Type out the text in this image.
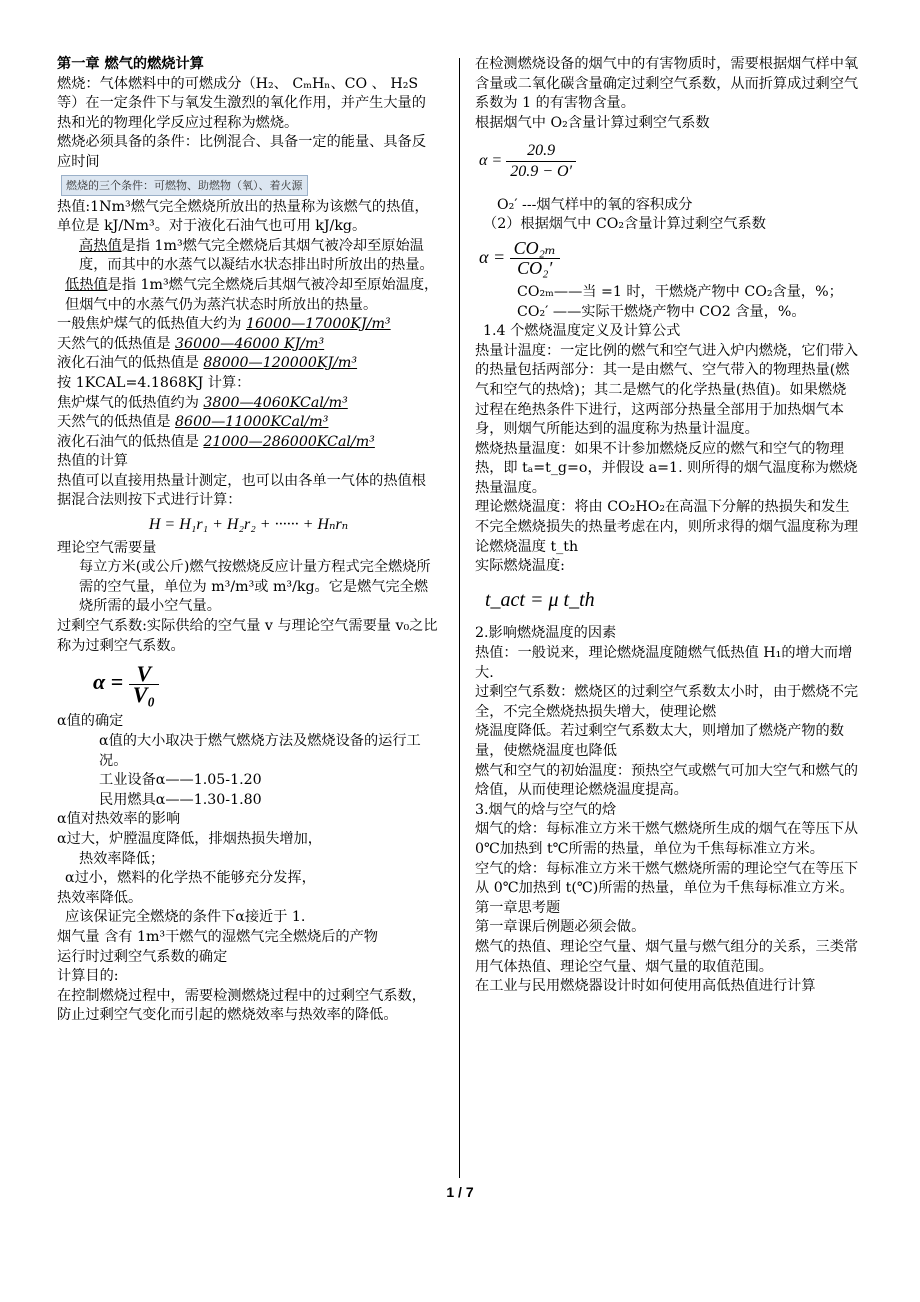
第一章 燃气的燃烧计算

燃烧：气体燃料中的可燃成分（H₂、 CₘHₙ、CO 、 H₂S 等）在一定条件下与氧发生激烈的氧化作用，并产生大量的热和光的物理化学反应过程称为燃烧。

燃烧必须具备的条件：比例混合、具备一定的能量、具备反应时间

燃烧的三个条件：可燃物、助燃物（氧）、着火源

热值:1Nm³燃气完全燃烧所放出的热量称为该燃气的热值，单位是 kJ/Nm³。对于液化石油气也可用 kJ/kg。

高热值是指 1m³燃气完全燃烧后其烟气被冷却至原始温度，而其中的水蒸气以凝结水状态排出时所放出的热量。

低热值是指 1m³燃气完全燃烧后其烟气被冷却至原始温度，但烟气中的水蒸气仍为蒸汽状态时所放出的热量。

一般焦炉煤气的低热值大约为 16000—17000KJ/m³

天然气的低热值是 36000—46000 KJ/m³

液化石油气的低热值是 88000—120000KJ/m³

按 1KCAL=4.1868KJ 计算：

焦炉煤气的低热值约为 3800—4060KCal/m³

天然气的低热值是 8600—11000KCal/m³

液化石油气的低热值是 21000—286000KCal/m³

热值的计算

热值可以直接用热量计测定，也可以由各单一气体的热值根据混合法则按下式进行计算：

H = H₁r₁ + H₂r₂ + ······ + Hₙrₙ

理论空气需要量

每立方米(或公斤)燃气按燃烧反应计量方程式完全燃烧所需的空气量，单位为 m³/m³或 m³/kg。它是燃气完全燃烧所需的最小空气量。

过剩空气系数:实际供给的空气量 v 与理论空气需要量 v₀之比称为过剩空气系数。

$\alpha = \frac{V}{\text{V₀}}$

α值的确定

α值的大小取决于燃气燃烧方法及燃烧设备的运行工况。

工业设备α——1.05-1.20

民用燃具α——1.30-1.80

α值对热效率的影响

α过大，炉膛温度降低，排烟热损失增加，

热效率降低；

α过小，燃料的化学热不能够充分发挥，

热效率降低。

应该保证完全燃烧的条件下α接近于 1.

烟气量 含有 1m³干燃气的湿燃气完全燃烧后的产物

运行时过剩空气系数的确定

计算目的:

在控制燃烧过程中，需要检测燃烧过程中的过剩空气系数，防止过剩空气变化而引起的燃烧效率与热效率的降低。

在检测燃烧设备的烟气中的有害物质时，需要根据烟气样中氧含量或二氧化碳含量确定过剩空气系数，从而折算成过剩空气系数为 1 的有害物含量。

根据烟气中 O₂含量计算过剩空气系数

$\alpha = \frac{20.9}{20.9 - O'}$

O₂′ ---烟气样中的氧的容积成分

（2）根据烟气中 CO₂含量计算过剩空气系数

$\alpha = \frac{\text{CO₂ₘ}}{\text{CO₂′}}$

CO₂ₘ——当 =1 时，干燃烧产物中 CO₂含量，%；

CO₂′ ——实际干燃烧产物中 CO2 含量，%。

1.4 个燃烧温度定义及计算公式

热量计温度：一定比例的燃气和空气进入炉内燃烧，它们带入的热量包括两部分：其一是由燃气、空气带入的物理热量(燃气和空气的热焓)；其二是燃气的化学热量(热值)。如果燃烧过程在绝热条件下进行，这两部分热量全部用于加热烟气本身，则烟气所能达到的温度称为热量计温度。

燃烧热量温度：如果不计参加燃烧反应的燃气和空气的物理热，即 tₐ=t_g=o，并假设 a=1. 则所得的烟气温度称为燃烧热量温度。

理论燃烧温度：将由 CO₂HO₂在高温下分解的热损失和发生不完全燃烧损失的热量考虑在内，则所求得的烟气温度称为理论燃烧温度 t_th

实际燃烧温度:

t_act = μ t_th

2.影响燃烧温度的因素

热值：一般说来，理论燃烧温度随燃气低热值 H₁的增大而增大.

过剩空气系数：燃烧区的过剩空气系数太小时，由于燃烧不完全，不完全燃烧热损失增大，使理论燃

烧温度降低。若过剩空气系数太大，则增加了燃烧产物的数量，使燃烧温度也降低

燃气和空气的初始温度：预热空气或燃气可加大空气和燃气的焓值，从而使理论燃烧温度提高。

3.烟气的焓与空气的焓

烟气的焓：每标准立方米干燃气燃烧所生成的烟气在等压下从 0℃加热到 t℃所需的热量，单位为千焦每标准立方米。

空气的焓：每标准立方米干燃气燃烧所需的理论空气在等压下从 0℃加热到 t(℃)所需的热量，单位为千焦每标准立方米。

第一章思考题

第一章课后例题必须会做。

燃气的热值、理论空气量、烟气量与燃气组分的关系，三类常用气体热值、理论空气量、烟气量的取值范围。

在工业与民用燃烧器设计时如何使用高低热值进行计算

1 / 7
